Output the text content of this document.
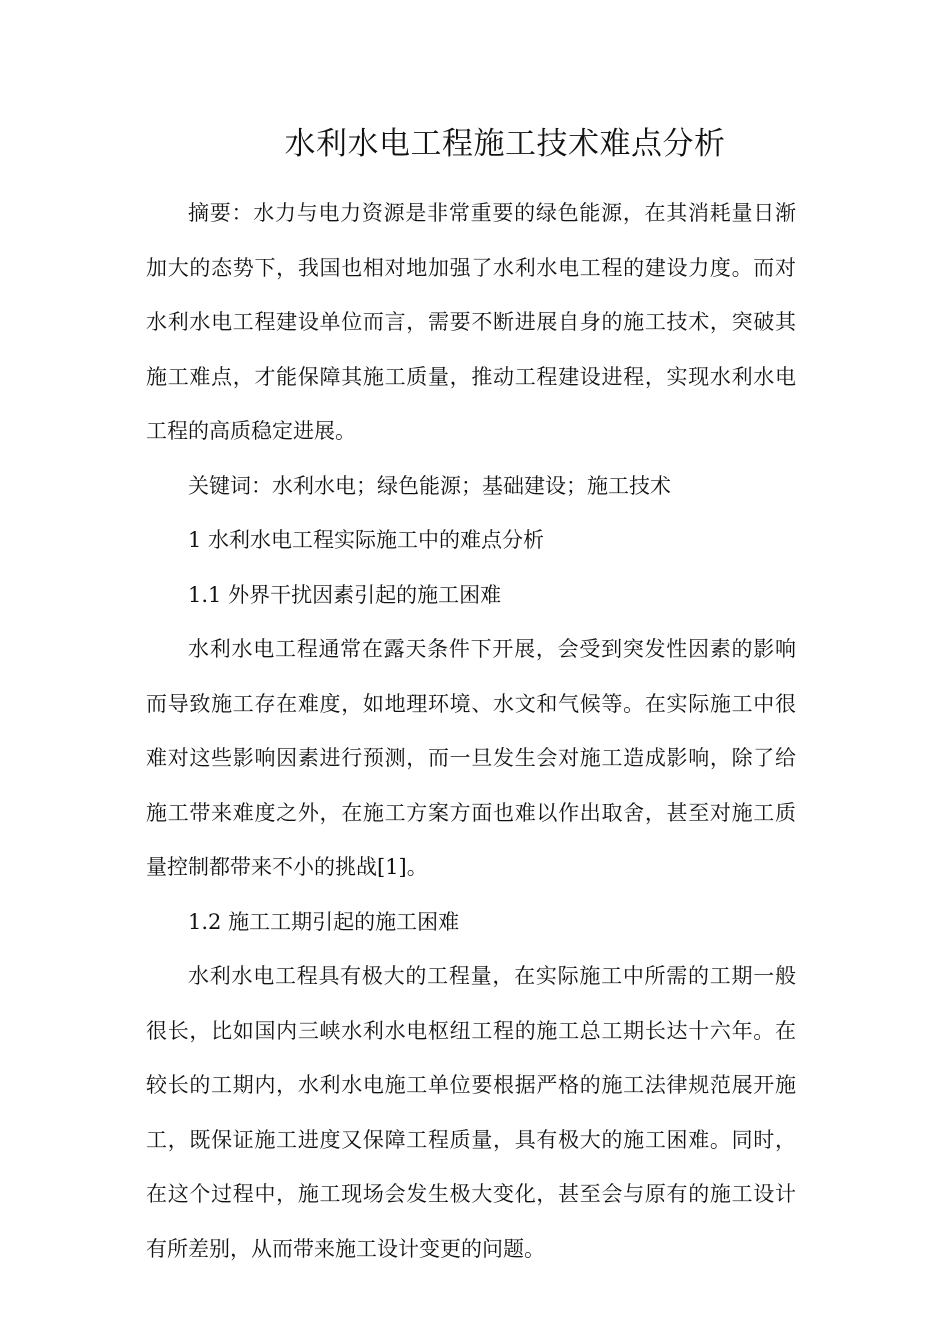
水利水电工程施工技术难点分析

摘要：水力与电力资源是非常重要的绿色能源，在其消耗量日渐加大的态势下，我国也相对地加强了水利水电工程的建设力度。而对水利水电工程建设单位而言，需要不断进展自身的施工技术，突破其施工难点，才能保障其施工质量，推动工程建设进程，实现水利水电工程的高质稳定进展。

关键词：水利水电；绿色能源；基础建设；施工技术

1 水利水电工程实际施工中的难点分析

1.1 外界干扰因素引起的施工困难

水利水电工程通常在露天条件下开展，会受到突发性因素的影响而导致施工存在难度，如地理环境、水文和气候等。在实际施工中很难对这些影响因素进行预测，而一旦发生会对施工造成影响，除了给施工带来难度之外，在施工方案方面也难以作出取舍，甚至对施工质量控制都带来不小的挑战[1]。

1.2 施工工期引起的施工困难

水利水电工程具有极大的工程量，在实际施工中所需的工期一般很长，比如国内三峡水利水电枢纽工程的施工总工期长达十六年。在较长的工期内，水利水电施工单位要根据严格的施工法律规范展开施工，既保证施工进度又保障工程质量，具有极大的施工困难。同时，在这个过程中，施工现场会发生极大变化，甚至会与原有的施工设计有所差别，从而带来施工设计变更的问题。
